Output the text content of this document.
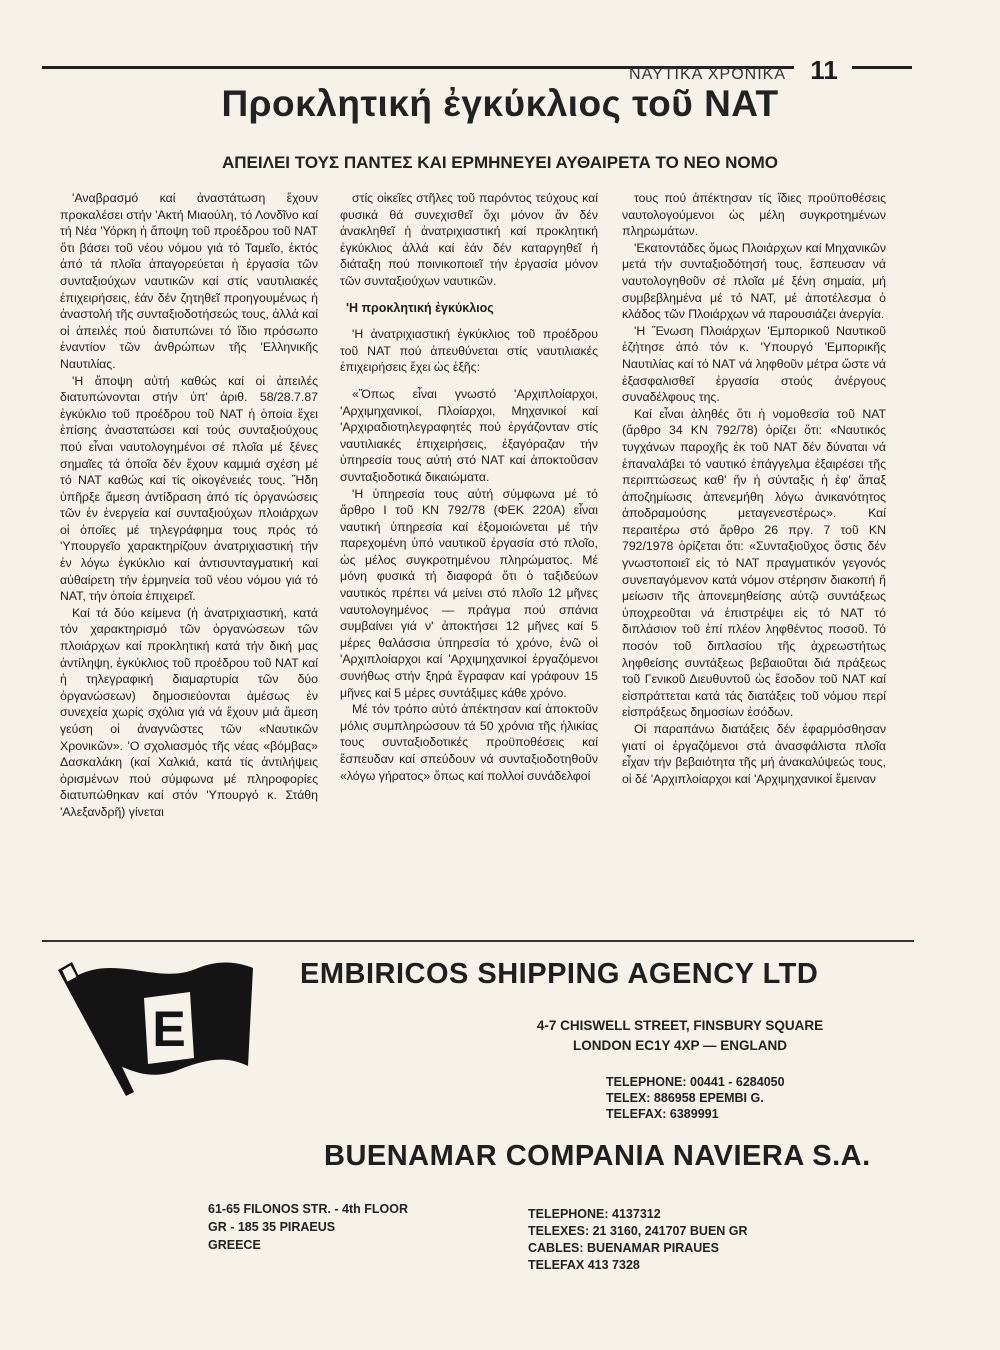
ΝΑΥΤΙΚΑ ΧΡΟΝΙΚΑ 11
Προκλητική ἐγκύκλιος τοῦ ΝΑΤ
ΑΠΕΙΛΕΙ ΤΟΥΣ ΠΑΝΤΕΣ ΚΑΙ ΕΡΜΗΝΕΥΕΙ ΑΥΘΑΙΡΕΤΑ ΤΟ ΝΕΟ ΝΟΜΟ

'Αναβρασμό καί ἀναστάτωση ἔχουν προκαλέσει στήν 'Ακτή Μιαούλη, τό Λονδῖνο καί τή Νέα 'Υόρκη ἡ ἄποψη τοῦ προέδρου τοῦ ΝΑΤ ὅτι βάσει τοῦ νέου νόμου γιά τό Ταμεῖο, ἐκτός ἀπό τά πλοῖα ἀπαγορεύεται ἡ ἐργασία τῶν συνταξιούχων ναυτικῶν καί στίς ναυτιλιακές ἐπιχειρήσεις, ἐάν δέν ζητηθεῖ προηγουμένως ἡ ἀναστολή τῆς συνταξιοδοτήσεώς τους, ἀλλά καί οἱ ἀπειλές πού διατυπώνει τό ἴδιο πρόσωπο ἐναντίον τῶν ἀνθρώπων τῆς 'Ελληνικῆς Ναυτιλίας.

'Η ἄποψη αὐτή καθώς καί οἱ ἀπειλές διατυπώνονται στήν ὑπ' ἀριθ. 58/28.7.87 ἐγκύκλιο τοῦ προέδρου τοῦ ΝΑΤ ἡ ὁποία ἔχει ἐπίσης ἀναστατώσει καί τούς συνταξιούχους πού εἶναι ναυτολογημένοι σέ πλοῖα μέ ξένες σημαῖες τά ὁποῖα δέν ἔχουν καμμιά σχέση μέ τό ΝΑΤ καθώς καί τίς οἰκογένειές τους. Ἤδη ὑπῆρξε ἄμεση ἀντίδραση ἀπό τίς ὀργανώσεις τῶν ἐν ἐνεργεία καί συνταξιούχων πλοιάρχων οἱ ὁποῖες μέ τηλεγράφημα τους πρός τό 'Υπουργεῖο χαρακτηρίζουν ἀνατριχιαστική τήν ἐν λόγω ἐγκύκλιο καί ἀντισυνταγματική καί αὐθαίρετη τήν ἑρμηνεία τοῦ νέου νόμου γιά τό ΝΑΤ, τήν ὁποία ἐπιχειρεῖ.

Καί τά δύο κείμενα (ἡ ἀνατριχιαστική, κατά τόν χαρακτηρισμό τῶν ὀργανώσεων τῶν πλοιάρχων καί προκλητική κατά τήν δική μας ἀντίληψη, ἐγκύκλιος τοῦ προέδρου τοῦ ΝΑΤ καί ἡ τηλεγραφική διαμαρτυρία τῶν δύο ὀργανώσεων) δημοσιεύονται ἀμέσως ἐν συνεχεία χωρίς σχόλια γιά νά ἔχουν μιά ἄμεση γεύση οἱ ἀναγνῶστες τῶν «Ναυτικῶν Χρονικῶν». 'Ο σχολιασμός τῆς νέας «βόμβας» Δασκαλάκη (καί Χαλκιά, κατά τίς ἀντιλήψεις ὁρισμένων πού σύμφωνα μέ πληροφορίες διατυπώθηκαν καί στόν 'Υπουργό κ. Στάθη 'Αλεξανδρῆ) γίνεται

στίς οἰκεῖες στῆλες τοῦ παρόντος τεύχους καί φυσικά θά συνεχισθεῖ ὄχι μόνον ἄν δέν ἀνακληθεῖ ἡ ἀνατριχιαστική καί προκλητική ἐγκύκλιος ἀλλά καί ἐάν δέν καταργηθεῖ ἡ διάταξη πού ποινικοποιεῖ τήν ἐργασία μόνον τῶν συνταξιούχων ναυτικῶν.

'Η προκλητική ἐγκύκλιος

'Η ἀνατριχιαστική ἐγκύκλιος τοῦ προέδρου τοῦ ΝΑΤ πού ἀπευθύνεται στίς ναυτιλιακές ἐπιχειρήσεις ἔχει ὡς ἑξῆς:

«Ὅπως εἶναι γνωστό 'Αρχιπλοίαρχοι, 'Αρχιμηχανικοί, Πλοίαρχοι, Μηχανικοί καί 'Αρχιραδιοτηλεγραφητές πού ἐργάζονταν στίς ναυτιλιακές ἐπιχειρήσεις, ἐξαγόραζαν τήν ὑπηρεσία τους αὐτή στό ΝΑΤ καί ἀποκτοῦσαν συνταξιοδοτικά δικαιώματα.

'Η ὑπηρεσία τους αὐτή σύμφωνα μέ τό ἄρθρο Ι τοῦ ΚΝ 792/78 (ΦΕΚ 220Α) εἶναι ναυτική ὑπηρεσία καί ἐξομοιώνεται μέ τήν παρεχομένη ὑπό ναυτικοῦ ἐργασία στό πλοῖο, ὡς μέλος συγκροτημένου πληρώματος. Μέ μόνη φυσικά τή διαφορά ὅτι ὁ ταξιδεύων ναυτικός πρέπει νά μείνει στό πλοῖο 12 μῆνες ναυτολογημένος — πράγμα πού σπάνια συμβαίνει γιά ν' ἀποκτήσει 12 μῆνες καί 5 μέρες θαλάσσια ὑπηρεσία τό χρόνο, ἐνῶ οἱ 'Αρχιπλοίαρχοι καί 'Αρχιμηχανικοί ἐργαζόμενοι συνήθως στήν ξηρά ἔγραφαν καί γράφουν 15 μῆνες καί 5 μέρες συντάξιμες κάθε χρόνο.

Μέ τόν τρόπο αὐτό ἀπέκτησαν καί ἀποκτοῦν μόλις συμπληρώσουν τά 50 χρόνια τῆς ἡλικίας τους συνταξιοδοτικές προϋποθέσεις καί ἔσπευδαν καί σπεύδουν νά συνταξιοδοτηθοῦν «λόγω γήρατος» ὅπως καί πολλοί συνάδελφοί

τους πού ἀπέκτησαν τίς ἴδιες προϋποθέσεις ναυτολογούμενοι ὡς μέλη συγκροτημένων πληρωμάτων.

'Εκατοντάδες ὅμως Πλοιάρχων καί Μηχανικῶν μετά τήν συνταξιοδότησή τους, ἔσπευσαν νά ναυτολογηθοῦν σέ πλοῖα μέ ξένη σημαία, μή συμβεβλημένα μέ τό ΝΑΤ, μέ ἀποτέλεσμα ὁ κλάδος τῶν Πλοιάρχων νά παρουσιάζει ἀνεργία.

'Η Ἕνωση Πλοιάρχων 'Εμπορικοῦ Ναυτικοῦ ἐζήτησε ἀπό τόν κ. 'Υπουργό 'Εμπορικῆς Ναυτιλίας καί τό ΝΑΤ νά ληφθοῦν μέτρα ὥστε νά ἐξασφαλισθεῖ ἐργασία στούς ἀνέργους συναδέλφους της.

Καί εἶναι ἀληθές ὅτι ἡ νομοθεσία τοῦ ΝΑΤ (ἄρθρο 34 ΚΝ 792/78) ὁρίζει ὅτι: «Ναυτικός τυγχάνων παροχῆς ἐκ τοῦ ΝΑΤ δέν δύναται νά ἐπαναλάβει τό ναυτικό ἐπάγγελμα ἐξαιρέσει τῆς περιπτώσεως καθ' ἥν ἡ σύνταξις ἡ ἐφ' ἅπαξ ἀποζημίωσις ἀπενεμήθη λόγω ἀνικανότητος ἀποδραμούσης μεταγενεστέρως». Καί περαιτέρω στό ἄρθρο 26 πργ. 7 τοῦ ΚΝ 792/1978 ὁρίζεται ὅτι: «Συνταξιοῦχος ὅστις δέν γνωστοποιεῖ εἰς τό ΝΑΤ πραγματικόν γεγονός συνεπαγόμενον κατά νόμον στέρησιν διακοπή ἤ μείωσιν τῆς ἀπονεμηθείσης αὐτῷ συντάξεως ὑποχρεοῦται νά ἐπιστρέψει εἰς τό ΝΑΤ τό διπλάσιον τοῦ ἐπί πλέον ληφθέντος ποσοῦ. Τό ποσόν τοῦ διπλασίου τῆς ἀχρεωστήτως ληφθείσης συντάξεως βεβαιοῦται διά πράξεως τοῦ Γενικοῦ Διευθυντοῦ ὡς ἔσοδον τοῦ ΝΑΤ καί εἰσπράττεται κατά τάς διατάξεις τοῦ νόμου περί εἰσπράξεως δημοσίων ἐσόδων.

Οἱ παραπάνω διατάξεις δέν ἐφαρμόσθησαν γιατί οἱ ἐργαζόμενοι στά ἀνασφάλιστα πλοῖα εἶχαν τήν βεβαιότητα τῆς μή ἀνακαλύψεώς τους, οἱ δέ 'Αρχιπλοίαρχοι καί 'Αρχιμηχανικοί ἔμειναν

E
EMBIRICOS SHIPPING AGENCY LTD
4-7 CHISWELL STREET, FINSBURY SQUARE
LONDON EC1Y 4XP — ENGLAND
TELEPHONE: 00441 - 6284050
TELEX: 886958 EPEMBI G.
TELEFAX: 6389991
BUENAMAR COMPANIA NAVIERA S.A.
61-65 FILONOS STR. - 4th FLOOR
GR - 185 35 PIRAEUS
GREECE
TELEPHONE: 4137312
TELEXES: 21 3160, 241707 BUEN GR
CABLES: BUENAMAR PIRAUES
TELEFAX 413 7328
